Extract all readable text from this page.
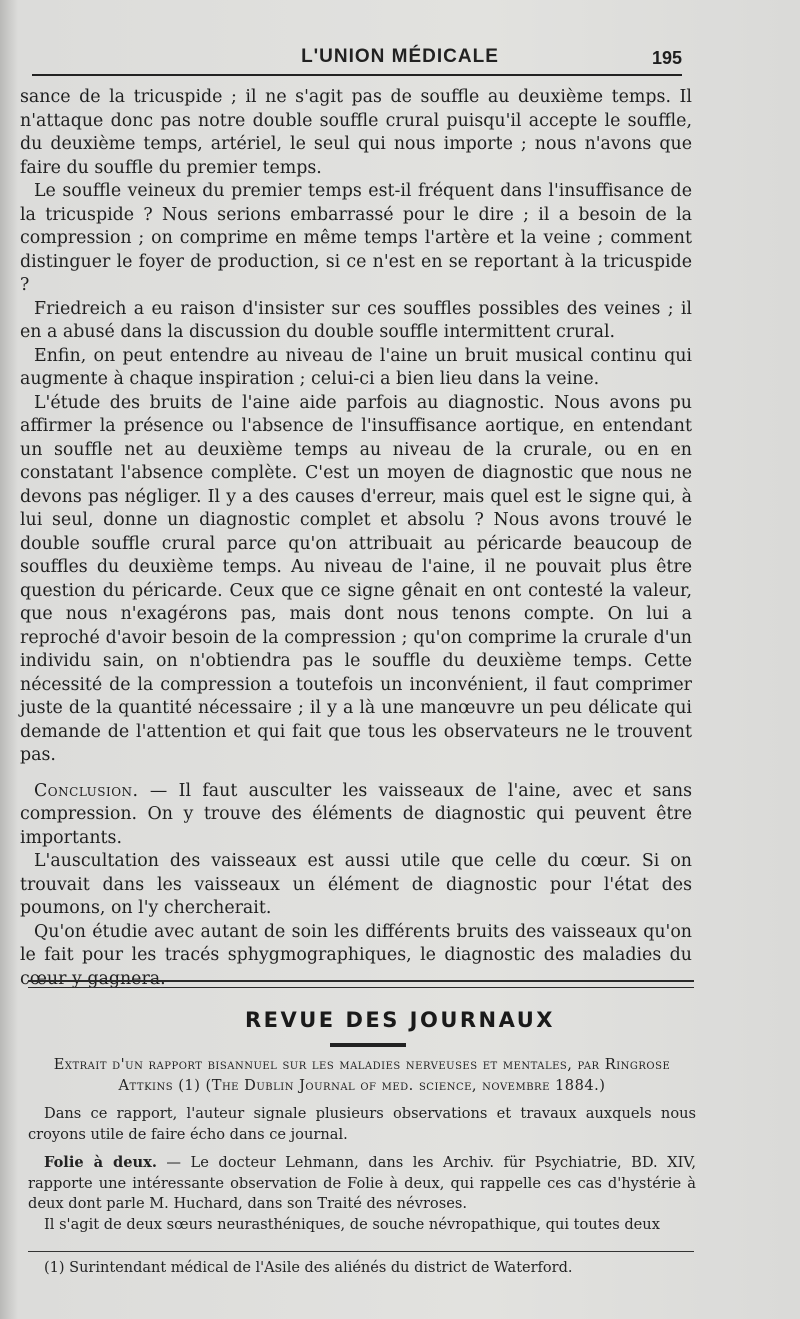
L'UNION MÉDICALE	195

sance de la tricuspide ; il ne s'agit pas de souffle au deuxième temps. Il n'attaque donc pas notre double souffle crural puisqu'il accepte le souffle, du deuxième temps, artériel, le seul qui nous importe ; nous n'avons que faire du souffle du premier temps.

Le souffle veineux du premier temps est-il fréquent dans l'insuffisance de la tricuspide ? Nous serions embarrassé pour le dire ; il a besoin de la compression ; on comprime en même temps l'artère et la veine ; comment distinguer le foyer de production, si ce n'est en se reportant à la tricuspide ?

Friedreich a eu raison d'insister sur ces souffles possibles des veines ; il en a abusé dans la discussion du double souffle intermittent crural.

Enfin, on peut entendre au niveau de l'aine un bruit musical continu qui augmente à chaque inspiration ; celui-ci a bien lieu dans la veine.

L'étude des bruits de l'aine aide parfois au diagnostic. Nous avons pu affirmer la présence ou l'absence de l'insuffisance aortique, en entendant un souffle net au deuxième temps au niveau de la crurale, ou en en constatant l'absence complète. C'est un moyen de diagnostic que nous ne devons pas négliger. Il y a des causes d'erreur, mais quel est le signe qui, à lui seul, donne un diagnostic complet et absolu ? Nous avons trouvé le double souffle crural parce qu'on attribuait au péricarde beaucoup de souffles du deuxième temps. Au niveau de l'aine, il ne pouvait plus être question du péricarde. Ceux que ce signe gênait en ont contesté la valeur, que nous n'exagérons pas, mais dont nous tenons compte. On lui a reproché d'avoir besoin de la compression ; qu'on comprime la crurale d'un individu sain, on n'obtiendra pas le souffle du deuxième temps. Cette nécessité de la compression a toutefois un inconvénient, il faut comprimer juste de la quantité nécessaire ; il y a là une manœuvre un peu délicate qui demande de l'attention et qui fait que tous les observateurs ne le trouvent pas.

Conclusion. — Il faut ausculter les vaisseaux de l'aine, avec et sans compression. On y trouve des éléments de diagnostic qui peuvent être importants.

L'auscultation des vaisseaux est aussi utile que celle du cœur. Si on trouvait dans les vaisseaux un élément de diagnostic pour l'état des poumons, on l'y chercherait.

Qu'on étudie avec autant de soin les différents bruits des vaisseaux qu'on le fait pour les tracés sphygmographiques, le diagnostic des maladies du cœur y gagnera.

REVUE DES JOURNAUX

Extrait d'un rapport bisannuel sur les maladies nerveuses et mentales, par Ringrose Attkins (1) (The Dublin Journal of med. science, novembre 1884.)

Dans ce rapport, l'auteur signale plusieurs observations et travaux auxquels nous croyons utile de faire écho dans ce journal.

Folie à deux. — Le docteur Lehmann, dans les Archiv. für Psychiatrie, BD. XIV, rapporte une intéressante observation de Folie à deux, qui rappelle ces cas d'hystérie à deux dont parle M. Huchard, dans son Traité des névroses.

Il s'agit de deux sœurs neurasthéniques, de souche névropathique, qui toutes deux

(1) Surintendant médical de l'Asile des aliénés du district de Waterford.
